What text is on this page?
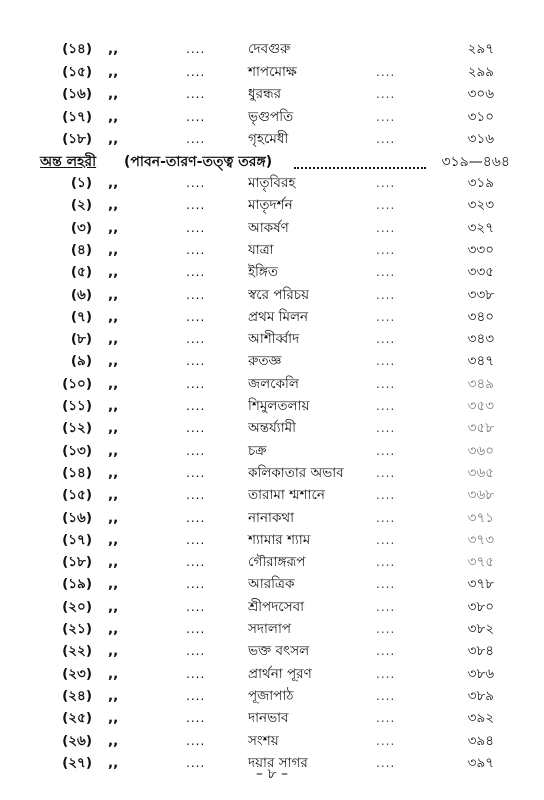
(১৪) ,,	....	দেবগুরু	২৯৭
(১৫) ,,	....	শাপমোক্ষ	....	২৯৯
(১৬) ,,	....	ধুরন্ধর	....	৩০৬
(১৭) ,,	....	ভৃগুপতি	....	৩১০
(১৮) ,,	....	গৃহমেধী	....	৩১৬
অন্ত লহরী (পাবন-তারণ-তত্ত্ব তরঙ্গ)	৩১৯—৪৬৪
(১) ,,	....	মাতৃবিরহ	....	৩১৯
(২) ,,	....	মাতৃদর্শন	....	৩২৩
(৩) ,,	....	আকর্ষণ	....	৩২৭
(৪) ,,	....	যাত্রা	....	৩৩০
(৫) ,,	....	ইঙ্গিত	....	৩৩৫
(৬) ,,	....	স্বরে পরিচয়	....	৩৩৮
(৭) ,,	....	প্রথম মিলন	....	৩৪০
(৮) ,,	....	আশীর্ব্বাদ	....	৩৪৩
(৯) ,,	....	রুতজ্ঞ	....	৩৪৭
(১০) ,,	....	জলকেলি	....	৩৪৯
(১১) ,,	....	শিমুলতলায়	....	৩৫৩
(১২) ,,	....	অন্তর্য্যামী	....	৩৫৮
(১৩) ,,	....	চক্র	....	৩৬০
(১৪) ,,	....	কলিকাতার অভাব	....	৩৬৫
(১৫) ,,	....	তারামা শ্মশানে	....	৩৬৮
(১৬) ,,	....	নানাকথা	....	৩৭১
(১৭) ,,	....	শ্যামার শ্যাম	....	৩৭৩
(১৮) ,,	....	গৌরাঙ্গরূপ	....	৩৭৫
(১৯) ,,	....	আরত্রিক	....	৩৭৮
(২০) ,,	....	শ্রীপদসেবা	....	৩৮০
(২১) ,,	....	সদালাপ	....	৩৮২
(২২) ,,	....	ভক্ত বৎসল	....	৩৮৪
(২৩) ,,	....	প্রার্থনা পূরণ	....	৩৮৬
(২৪) ,,	....	পূজাপাঠ	....	৩৮৯
(২৫) ,,	....	দানভাব	....	৩৯২
(২৬) ,,	....	সংশয়	....	৩৯৪
(২৭) ,,	....	দয়ার সাগর	....	৩৯৭
– ৮ –
